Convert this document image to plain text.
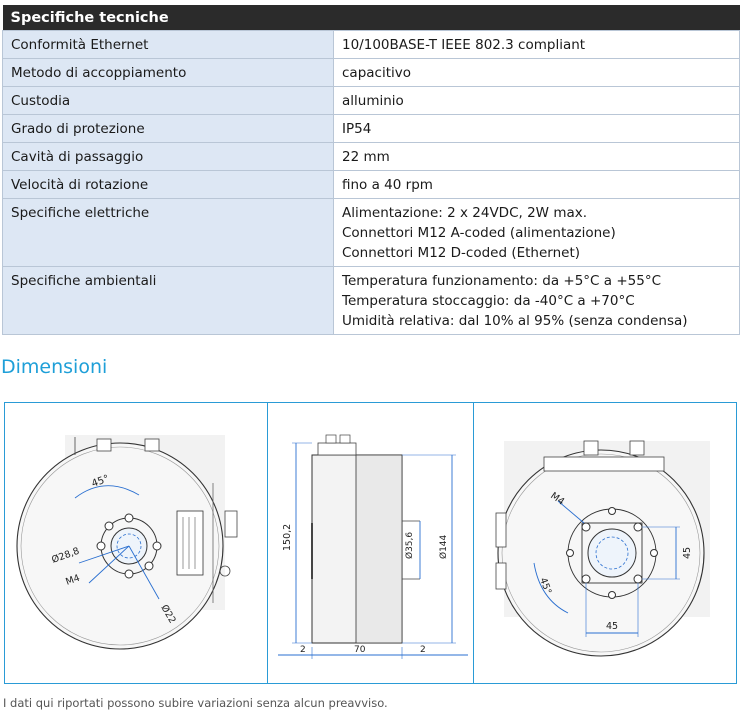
Specifiche tecniche	
Conformità Ethernet	10/100BASE-T IEEE 802.3 compliant

Metodo di accoppiamento	capacitivo

Custodia	alluminio

Grado di protezione	IP54

Cavità di passaggio	22 mm

Velocità di rotazione	fino a 40 rpm

Specifiche elettriche	Alimentazione: 2 x 24VDC, 2W max.
Connettori M12 A-coded (alimentazione)
Connettori M12 D-coded (Ethernet)

Specifiche ambientali	Temperatura funzionamento: da +5°C a +55°C
Temperatura stoccaggio: da -40°C a +70°C
Umidità relativa: dal 10% al 95% (senza condensa)
Dimensioni
45°
Ø28,8
M4
Ø22
150,2	Ø35,6	Ø144
2	70	2
M4
45°
45
45
I dati qui riportati possono subire variazioni senza alcun preavviso.
